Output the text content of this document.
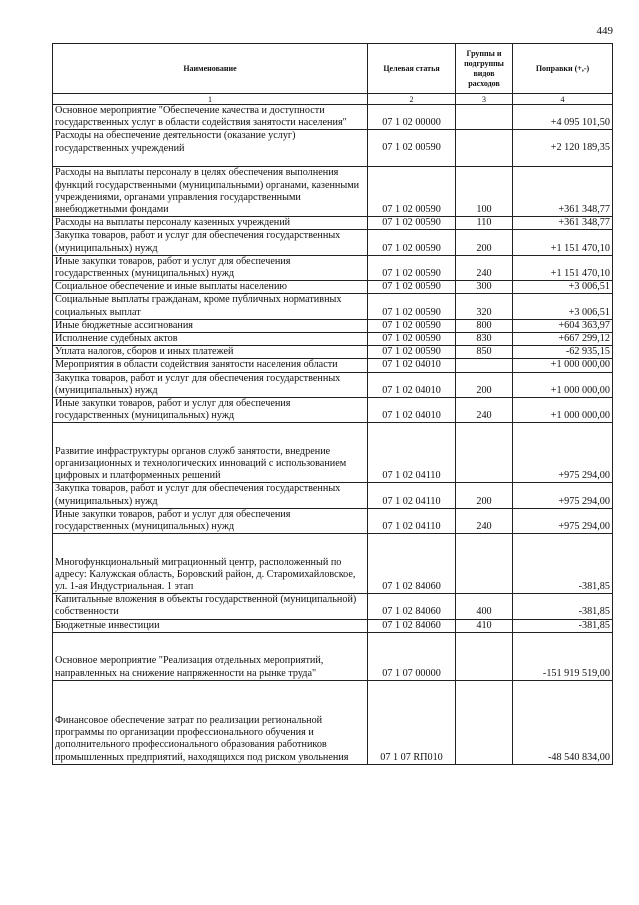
449
Наименование	Целевая статья	Группы и подгруппы видов расходов	Поправки (+,-)
1	2	3	4
Основное мероприятие "Обеспечение качества и доступности государственных услуг в области содействия занятости населения"	07 1 02 00000		+4 095 101,50
Расходы на обеспечение деятельности (оказание услуг) государственных учреждений	07 1 02 00590		+2 120 189,35
Расходы на выплаты персоналу в целях обеспечения выполнения функций государственными (муниципальными) органами, казенными учреждениями, органами управления государственными внебюджетными фондами	07 1 02 00590	100	+361 348,77
Расходы на выплаты персоналу казенных учреждений	07 1 02 00590	110	+361 348,77
Закупка товаров, работ и услуг для обеспечения государственных (муниципальных) нужд	07 1 02 00590	200	+1 151 470,10
Иные закупки товаров, работ и услуг для обеспечения государственных (муниципальных) нужд	07 1 02 00590	240	+1 151 470,10
Социальное обеспечение и иные выплаты населению	07 1 02 00590	300	+3 006,51
Социальные выплаты гражданам, кроме публичных нормативных социальных выплат	07 1 02 00590	320	+3 006,51
Иные бюджетные ассигнования	07 1 02 00590	800	+604 363,97
Исполнение судебных актов	07 1 02 00590	830	+667 299,12
Уплата налогов, сборов и иных платежей	07 1 02 00590	850	-62 935,15
Мероприятия в области содействия занятости населения области	07 1 02 04010		+1 000 000,00
Закупка товаров, работ и услуг для обеспечения государственных (муниципальных) нужд	07 1 02 04010	200	+1 000 000,00
Иные закупки товаров, работ и услуг для обеспечения государственных (муниципальных) нужд	07 1 02 04010	240	+1 000 000,00
Развитие инфраструктуры органов служб занятости, внедрение организационных и технологических инноваций с использованием цифровых и платформенных решений	07 1 02 04110		+975 294,00
Закупка товаров, работ и услуг для обеспечения государственных (муниципальных) нужд	07 1 02 04110	200	+975 294,00
Иные закупки товаров, работ и услуг для обеспечения государственных (муниципальных) нужд	07 1 02 04110	240	+975 294,00
Многофункциональный миграционный центр, расположенный по адресу: Калужская область, Боровский район, д. Старомихайловское, ул. 1-ая Индустриальная. 1 этап	07 1 02 84060		-381,85
Капитальные вложения в объекты государственной (муниципальной) собственности	07 1 02 84060	400	-381,85
Бюджетные инвестиции	07 1 02 84060	410	-381,85
Основное мероприятие "Реализация отдельных мероприятий, направленных на снижение напряженности на рынке труда"	07 1 07 00000		-151 919 519,00
Финансовое обеспечение затрат по реализации региональной программы по организации профессионального обучения и дополнительного профессионального образования работников промышленных предприятий, находящихся под риском увольнения	07 1 07 RП010		-48 540 834,00
